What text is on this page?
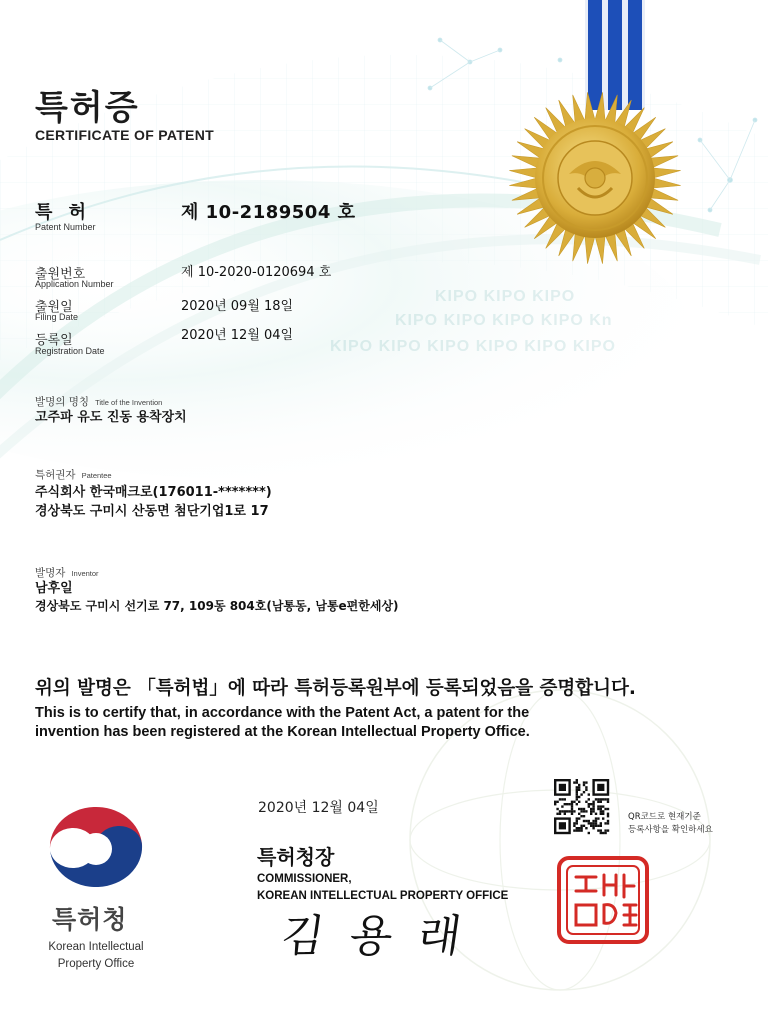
KIPO KIPO KIPO
KIPO KIPO KIPO KIPO Kn
KIPO KIPO KIPO KIPO KIPO KIPO
특허증
CERTIFICATE OF PATENT
특 허
Patent Number
제 10-2189504 호
출원번호
Application Number
제 10-2020-0120694 호
출원일
Filing Date
2020년 09월 18일
등록일
Registration Date
2020년 12월 04일
발명의 명칭 Title of the Invention
고주파 유도 진동 용착장치
특허권자 Patentee
주식회사 한국매크로(176011-*******)
경상북도 구미시 산동면 첨단기업1로 17
발명자 Inventor
남후일
경상북도 구미시 선기로 77, 109동 804호(남통동, 남통e편한세상)
위의 발명은 「특허법」에 따라 특허등록원부에 등록되었음을 증명합니다.
This is to certify that, in accordance with the Patent Act, a patent for the
invention has been registered at the Korean Intellectual Property Office.
2020년 12월 04일
QR코드로 현재기준
등록사항을 확인하세요
특허청장
COMMISSIONER,
KOREAN INTELLECTUAL PROPERTY OFFICE
김 용 래
특허청
Korean Intellectual
Property Office
